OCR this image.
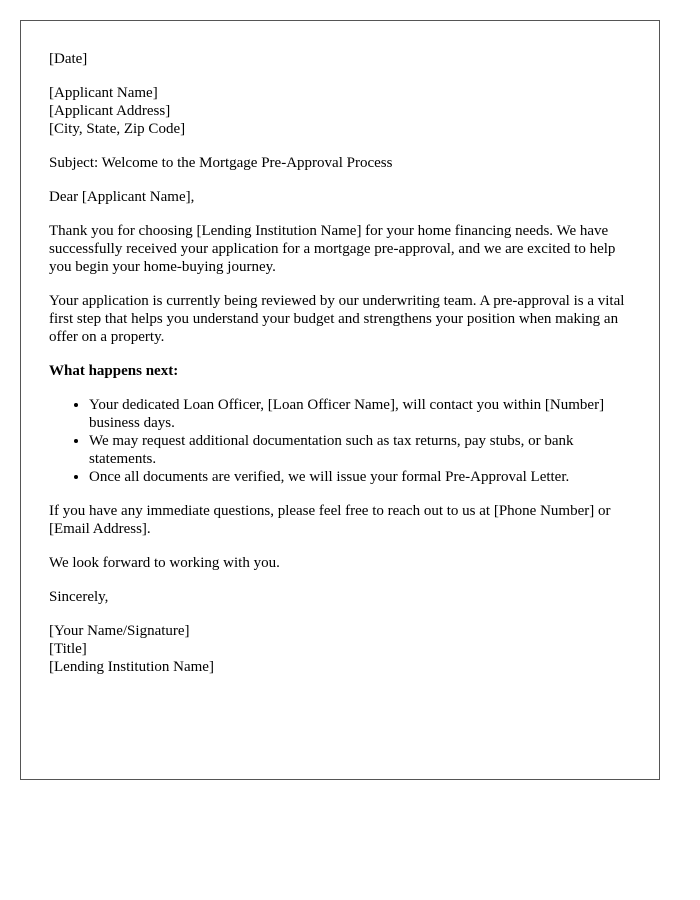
[Date]

[Applicant Name]
[Applicant Address]
[City, State, Zip Code]

Subject: Welcome to the Mortgage Pre-Approval Process

Dear [Applicant Name],

Thank you for choosing [Lending Institution Name] for your home financing needs. We have successfully received your application for a mortgage pre-approval, and we are excited to help you begin your home-buying journey.

Your application is currently being reviewed by our underwriting team. A pre-approval is a vital first step that helps you understand your budget and strengthens your position when making an offer on a property.

What happens next:

• Your dedicated Loan Officer, [Loan Officer Name], will contact you within [Number] business days.
• We may request additional documentation such as tax returns, pay stubs, or bank statements.
• Once all documents are verified, we will issue your formal Pre-Approval Letter.

If you have any immediate questions, please feel free to reach out to us at [Phone Number] or [Email Address].

We look forward to working with you.

Sincerely,

[Your Name/Signature]
[Title]
[Lending Institution Name]
